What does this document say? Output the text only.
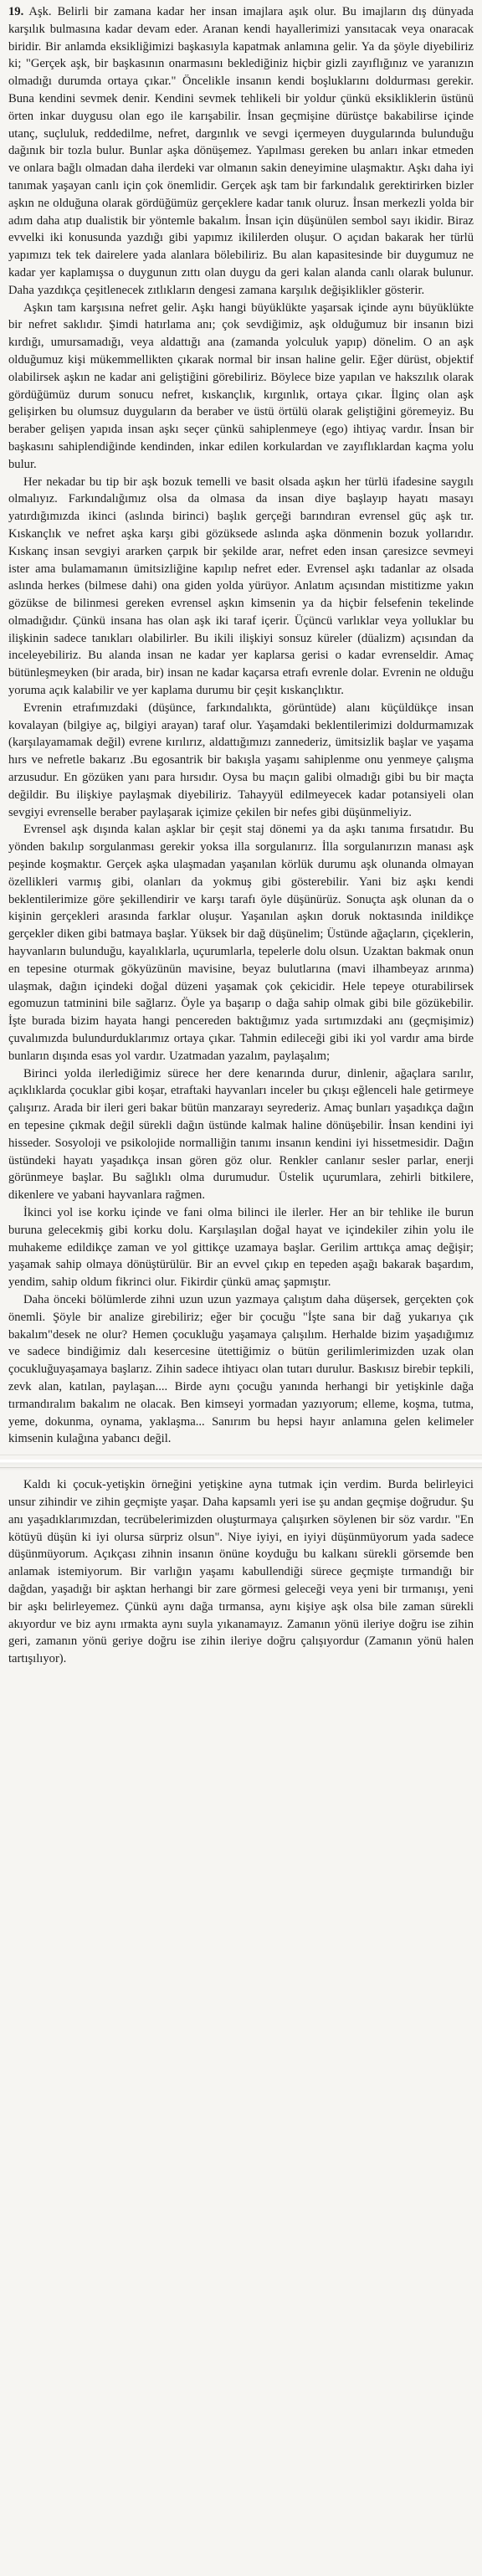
19. Aşk. Belirli bir zamana kadar her insan imajlara aşık olur. Bu imajların dış dünyada karşılık bulmasına kadar devam eder. Aranan kendi hayallerimizi yansıtacak veya onaracak biridir. Bir anlamda eksikliğimizi başkasıyla kapatmak anlamına gelir. Ya da şöyle diyebiliriz ki; "Gerçek aşk, bir başkasının onarmasını beklediğiniz hiçbir gizli zayıflığınız ve yaranızın olmadığı durumda ortaya çıkar." Öncelikle insanın kendi boşluklarını doldurması gerekir. Buna kendini sevmek denir. Kendini sevmek tehlikeli bir yoldur çünkü eksikliklerin üstünü örten inkar duygusu olan ego ile karışabilir. İnsan geçmişine dürüstçe bakabilirse içinde utanç, suçluluk, reddedilme, nefret, dargınlık ve sevgi içermeyen duygularında bulunduğu dağınık bir tozla bulur. Bunlar aşka dönüşemez. Yapılması gereken bu anları inkar etmeden ve onlara bağlı olmadan daha ilerdeki var olmanın sakin deneyimine ulaşmaktır. Aşkı daha iyi tanımak yaşayan canlı için çok önemlidir. Gerçek aşk tam bir farkındalık gerektirirken bizler aşkın ne olduğuna olarak gördüğümüz gerçeklere kadar tanık oluruz. İnsan merkezli yolda bir adım daha atıp dualistik bir yöntemle bakalım. İnsan için düşünülen sembol sayı ikidir. Biraz evvelki iki konusunda yazdığı gibi yapımız ikililerden oluşur. O açıdan bakarak her türlü yapımızı tek tek dairelere yada alanlara bölebiliriz. Bu alan kapasitesinde bir duygumuz ne kadar yer kaplamışsa o duygunun zıttı olan duygu da geri kalan alanda canlı olarak bulunur. Daha yazdıkça çeşitlenecek zıtlıkların dengesi zamana karşılık değişiklikler gösterir.

Aşkın tam karşısına nefret gelir. Aşkı hangi büyüklükte yaşarsak içinde aynı büyüklükte bir nefret saklıdır. Şimdi hatırlama anı; çok sevdiğimiz, aşk olduğumuz bir insanın bizi kırdığı, umursamadığı, veya aldattığı ana (zamanda yolculuk yapıp) dönelim. O an aşk olduğumuz kişi mükemmellikten çıkarak normal bir insan haline gelir. Eğer dürüst, objektif olabilirsek aşkın ne kadar ani geliştiğini görebiliriz. Böylece bize yapılan ve hakszılık olarak gördüğümüz durum sonucu nefret, kıskançlık, kırgınlık, ortaya çıkar. İlginç olan aşk gelişirken bu olumsuz duyguların da beraber ve üstü örtülü olarak geliştiğini göremeyiz. Bu beraber gelişen yapıda insan aşkı seçer çünkü sahiplenmeye (ego) ihtiyaç vardır. İnsan bir başkasını sahiplendiğinde kendinden, inkar edilen korkulardan ve zayıflıklardan kaçma yolu bulur.

Her nekadar bu tip bir aşk bozuk temelli ve basit olsada aşkın her türlü ifadesine saygılı olmalıyız. Farkındalığımız olsa da olmasa da insan diye başlayıp hayatı masayı yatırdığımızda ikinci (aslında birinci) başlık gerçeği barındıran evrensel güç aşk tır. Kıskançlık ve nefret aşka karşı gibi gözüksede aslında aşka dönmenin bozuk yollarıdır. Kıskanç insan sevgiyi ararken çarpık bir şekilde arar, nefret eden insan çaresizce sevmeyi ister ama bulamamanın ümitsizliğine kapılıp nefret eder. Evrensel aşkı tadanlar az olsada aslında herkes (bilmese dahi) ona giden yolda yürüyor. Anlatım açısından mistitizme yakın gözükse de bilinmesi gereken evrensel aşkın kimsenin ya da hiçbir felsefenin tekelinde olmadığıdır. Çünkü insana has olan aşk iki taraf içerir. Üçüncü varlıklar veya yolluklar bu ilişkinin sadece tanıkları olabilirler. Bu ikili ilişkiyi sonsuz küreler (düalizm) açısından da inceleyebiliriz. Bu alanda insan ne kadar yer kaplarsa gerisi o kadar evrenseldir. Amaç bütünleşmeyken (bir arada, bir) insan ne kadar kaçarsa etrafı evrenle dolar. Evrenin ne olduğu yoruma açık kalabilir ve yer kaplama durumu bir çeşit kıskançlıktır.

Evrenin etrafımızdaki (düşünce, farkındalıkta, görüntüde) alanı küçüldükçe insan kovalayan (bilgiye aç, bilgiyi arayan) taraf olur. Yaşamdaki beklentilerimizi doldurmamızak (karşılayamamak değil) evrene kırılırız, aldattığımızı zannederiz, ümitsizlik başlar ve yaşama hırs ve nefretle bakarız .Bu egosantrik bir bakışla yaşamı sahiplenme onu yenmeye çalışma arzusudur. En gözüken yanı para hırsıdır. Oysa bu maçın galibi olmadığı gibi bu bir maçta değildir. Bu ilişkiye paylaşmak diyebiliriz. Tahayyül edilmeyecek kadar potansiyeli olan sevgiyi evrenselle beraber paylaşarak içimize çekilen bir nefes gibi düşünmeliyiz.

Evrensel aşk dışında kalan aşklar bir çeşit staj dönemi ya da aşkı tanıma fırsatıdır. Bu yönden bakılıp sorgulanması gerekir yoksa illa sorgulanırız. İlla sorgulanırızın manası aşk peşinde koşmaktır. Gerçek aşka ulaşmadan yaşanılan körlük durumu aşk olunanda olmayan özellikleri varmış gibi, olanları da yokmuş gibi gösterebilir. Yani biz aşkı kendi beklentilerimize göre şekillendirir ve karşı tarafı öyle düşünürüz. Sonuçta aşk olunan da o kişinin gerçekleri arasında farklar oluşur. Yaşanılan aşkın doruk noktasında inildikçe gerçekler diken gibi batmaya başlar. Yüksek bir dağ düşünelim; Üstünde ağaçların, çiçeklerin, hayvanların bulunduğu, kayalıklarla, uçurumlarla, tepelerle dolu olsun. Uzaktan bakmak onun en tepesine oturmak gökyüzünün mavisine, beyaz bulutlarına (mavi ilhambeyaz arınma) ulaşmak, dağın içindeki doğal düzeni yaşamak çok çekicidir. Hele tepeye oturabilirsek egomuzun tatminini bile sağlarız. Öyle ya başarıp o dağa sahip olmak gibi bile gözükebilir. İşte burada bizim hayata hangi pencereden baktığımız yada sırtımızdaki anı (geçmişimiz) çuvalımızda bulundurduklarımız ortaya çıkar. Tahmin edileceği gibi iki yol vardır ama birde bunların dışında esas yol vardır. Uzatmadan yazalım, paylaşalım;

Birinci yolda ilerlediğimiz sürece her dere kenarında durur, dinlenir, ağaçlara sarılır, açıklıklarda çocuklar gibi koşar, etraftaki hayvanları inceler bu çıkışı eğlenceli hale getirmeye çalışırız. Arada bir ileri geri bakar bütün manzarayı seyrederiz. Amaç bunları yaşadıkça dağın en tepesine çıkmak değil sürekli dağın üstünde kalmak haline dönüşebilir. İnsan kendini iyi hisseder. Sosyoloji ve psikolojide normalliğin tanımı insanın kendini iyi hissetmesidir. Dağın üstündeki hayatı yaşadıkça insan gören göz olur. Renkler canlanır sesler parlar, enerji görünmeye başlar. Bu sağlıklı olma durumudur. Üstelik uçurumlara, zehirli bitkilere, dikenlere ve yabani hayvanlara rağmen.

İkinci yol ise korku içinde ve fani olma bilinci ile ilerler. Her an bir tehlike ile burun buruna gelecekmiş gibi korku dolu. Karşılaşılan doğal hayat ve içindekiler zihin yolu ile muhakeme edildikçe zaman ve yol gittikçe uzamaya başlar. Gerilim arttıkça amaç değişir; yaşamak sahip olmaya dönüştürülür. Bir an evvel çıkıp en tepeden aşağı bakarak başardım, yendim, sahip oldum fikrinci olur. Fikirdir çünkü amaç şapmıştır.

Daha önceki bölümlerde zihni uzun uzun yazmaya çalıştım daha düşersek, gerçekten çok önemli. Şöyle bir analize girebiliriz; eğer bir çocuğu "İşte sana bir dağ yukarıya çık bakalım"desek ne olur? Hemen çocukluğu yaşamaya çalışılım. Herhalde bizim yaşadığımız ve sadece bindiğimiz dalı kesercesine ütettiğimiz o bütün gerilimlerimizden uzak olan çocukluğuyaşamaya başlarız. Zihin sadece ihtiyacı olan tutarı durulur. Baskısız birebir tepkili, zevk alan, katılan, paylaşan.... Birde aynı çocuğu yanında herhangi bir yetişkinle dağa tırmandıralım bakalım ne olacak. Ben kimseyi yormadan yazıyorum; elleme, koşma, tutma, yeme, dokunma, oynama, yaklaşma... Sanırım bu hepsi hayır anlamına gelen kelimeler kimsenin kulağına yabancı değil.

Kaldı ki çocuk-yetişkin örneğini yetişkine ayna tutmak için verdim. Burda belirleyici unsur zihindir ve zihin geçmişte yaşar. Daha kapsamlı yeri ise şu andan geçmişe doğrudur. Şu anı yaşadıklarımızdan, tecrübelerimizden oluşturmaya çalışırken söylenen bir söz vardır. "En kötüyü düşün ki iyi olursa sürpriz olsun". Niye iyiyi, en iyiyi düşünmüyorum yada sadece düşünmüyorum. Açıkçası zihnin insanın önüne koyduğu bu kalkanı sürekli görsemde ben anlamak istemiyorum. Bir varlığın yaşamı kabullendiği sürece geçmişte tırmandığı bir dağdan, yaşadığı bir aşktan herhangi bir zare görmesi geleceği veya yeni bir tırmanışı, yeni bir aşkı belirleyemez. Çünkü aynı dağa tırmansa, aynı kişiye aşk olsa bile zaman sürekli akıyordur ve biz aynı ırmakta aynı suyla yıkanamayız. Zamanın yönü ileriye doğru ise zihin geri, zamanın yönü geriye doğru ise zihin ileriye doğru çalışıyordur (Zamanın yönü halen tartışılıyor).
